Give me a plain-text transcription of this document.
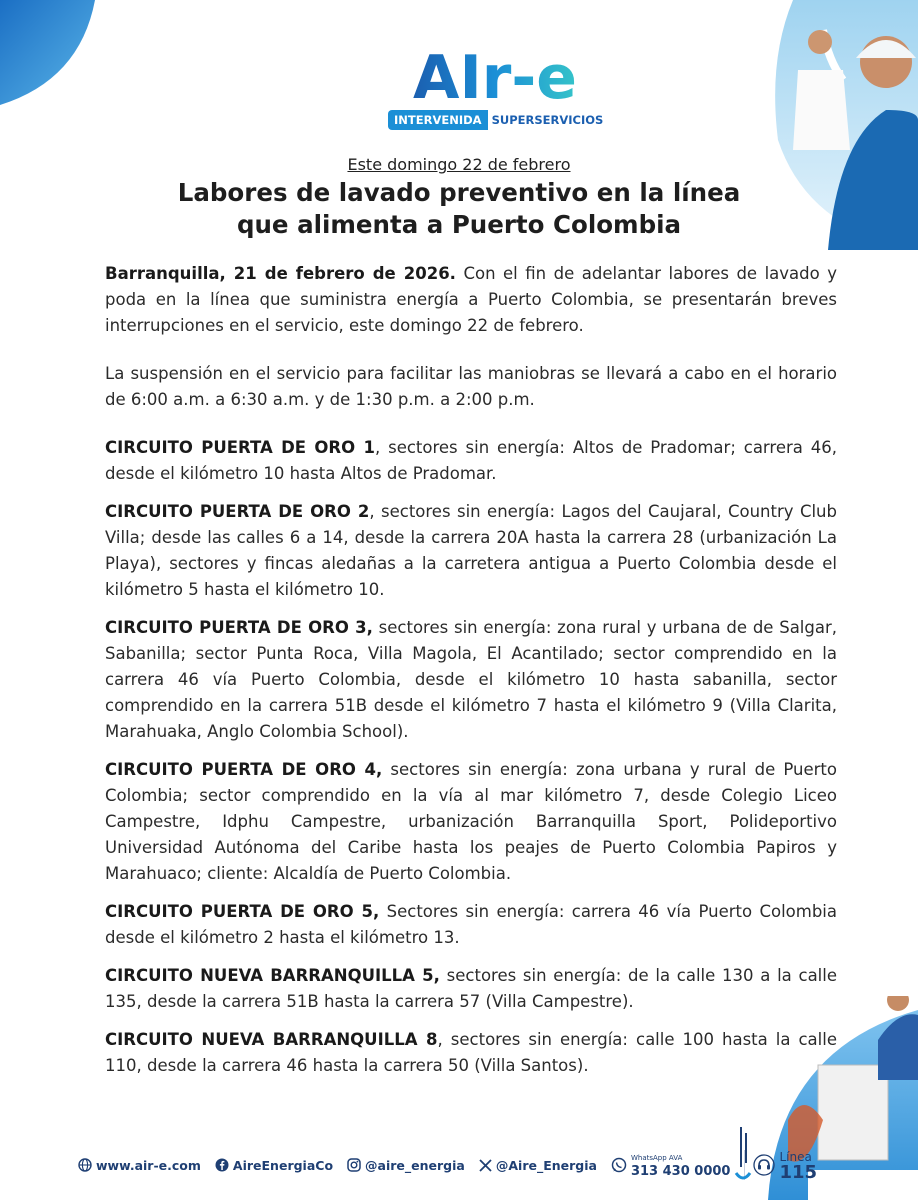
AIr-e
INTERVENIDA SUPERSERVICIOS
Este domingo 22 de febrero
Labores de lavado preventivo en la línea
que alimenta a Puerto Colombia

Barranquilla, 21 de febrero de 2026. Con el fin de adelantar labores de lavado y poda en la línea que suministra energía a Puerto Colombia, se presentarán breves interrupciones en el servicio, este domingo 22 de febrero.

La suspensión en el servicio para facilitar las maniobras se llevará a cabo en el horario de 6:00 a.m. a 6:30 a.m. y de 1:30 p.m. a 2:00 p.m.

CIRCUITO PUERTA DE ORO 1, sectores sin energía: Altos de Pradomar; carrera 46, desde el kilómetro 10 hasta Altos de Pradomar.

CIRCUITO PUERTA DE ORO 2, sectores sin energía: Lagos del Caujaral, Country Club Villa; desde las calles 6 a 14, desde la carrera 20A hasta la carrera 28 (urbanización La Playa), sectores y fincas aledañas a la carretera antigua a Puerto Colombia desde el kilómetro 5 hasta el kilómetro 10.

CIRCUITO PUERTA DE ORO 3, sectores sin energía: zona rural y urbana de de Salgar, Sabanilla; sector Punta Roca, Villa Magola, El Acantilado; sector comprendido en la carrera 46 vía Puerto Colombia, desde el kilómetro 10 hasta sabanilla, sector comprendido en la carrera 51B desde el kilómetro 7 hasta el kilómetro 9 (Villa Clarita, Marahuaka, Anglo Colombia School).

CIRCUITO PUERTA DE ORO 4, sectores sin energía: zona urbana y rural de Puerto Colombia; sector comprendido en la vía al mar kilómetro 7, desde Colegio Liceo Campestre, Idphu Campestre, urbanización Barranquilla Sport, Polideportivo Universidad Autónoma del Caribe hasta los peajes de Puerto Colombia Papiros y Marahuaco; cliente: Alcaldía de Puerto Colombia.

CIRCUITO PUERTA DE ORO 5, Sectores sin energía: carrera 46 vía Puerto Colombia desde el kilómetro 2 hasta el kilómetro 13.

CIRCUITO NUEVA BARRANQUILLA 5, sectores sin energía: de la calle 130 a la calle 135, desde la carrera 51B hasta la carrera 57 (Villa Campestre).

CIRCUITO NUEVA BARRANQUILLA 8, sectores sin energía: calle 100 hasta la calle 110, desde la carrera 46 hasta la carrera 50 (Villa Santos).

www.air-e.com	AireEnergiaCo	@aire_energia @Aire_Energia	WhatsApp AVA
313 430 0000
Línea
115
